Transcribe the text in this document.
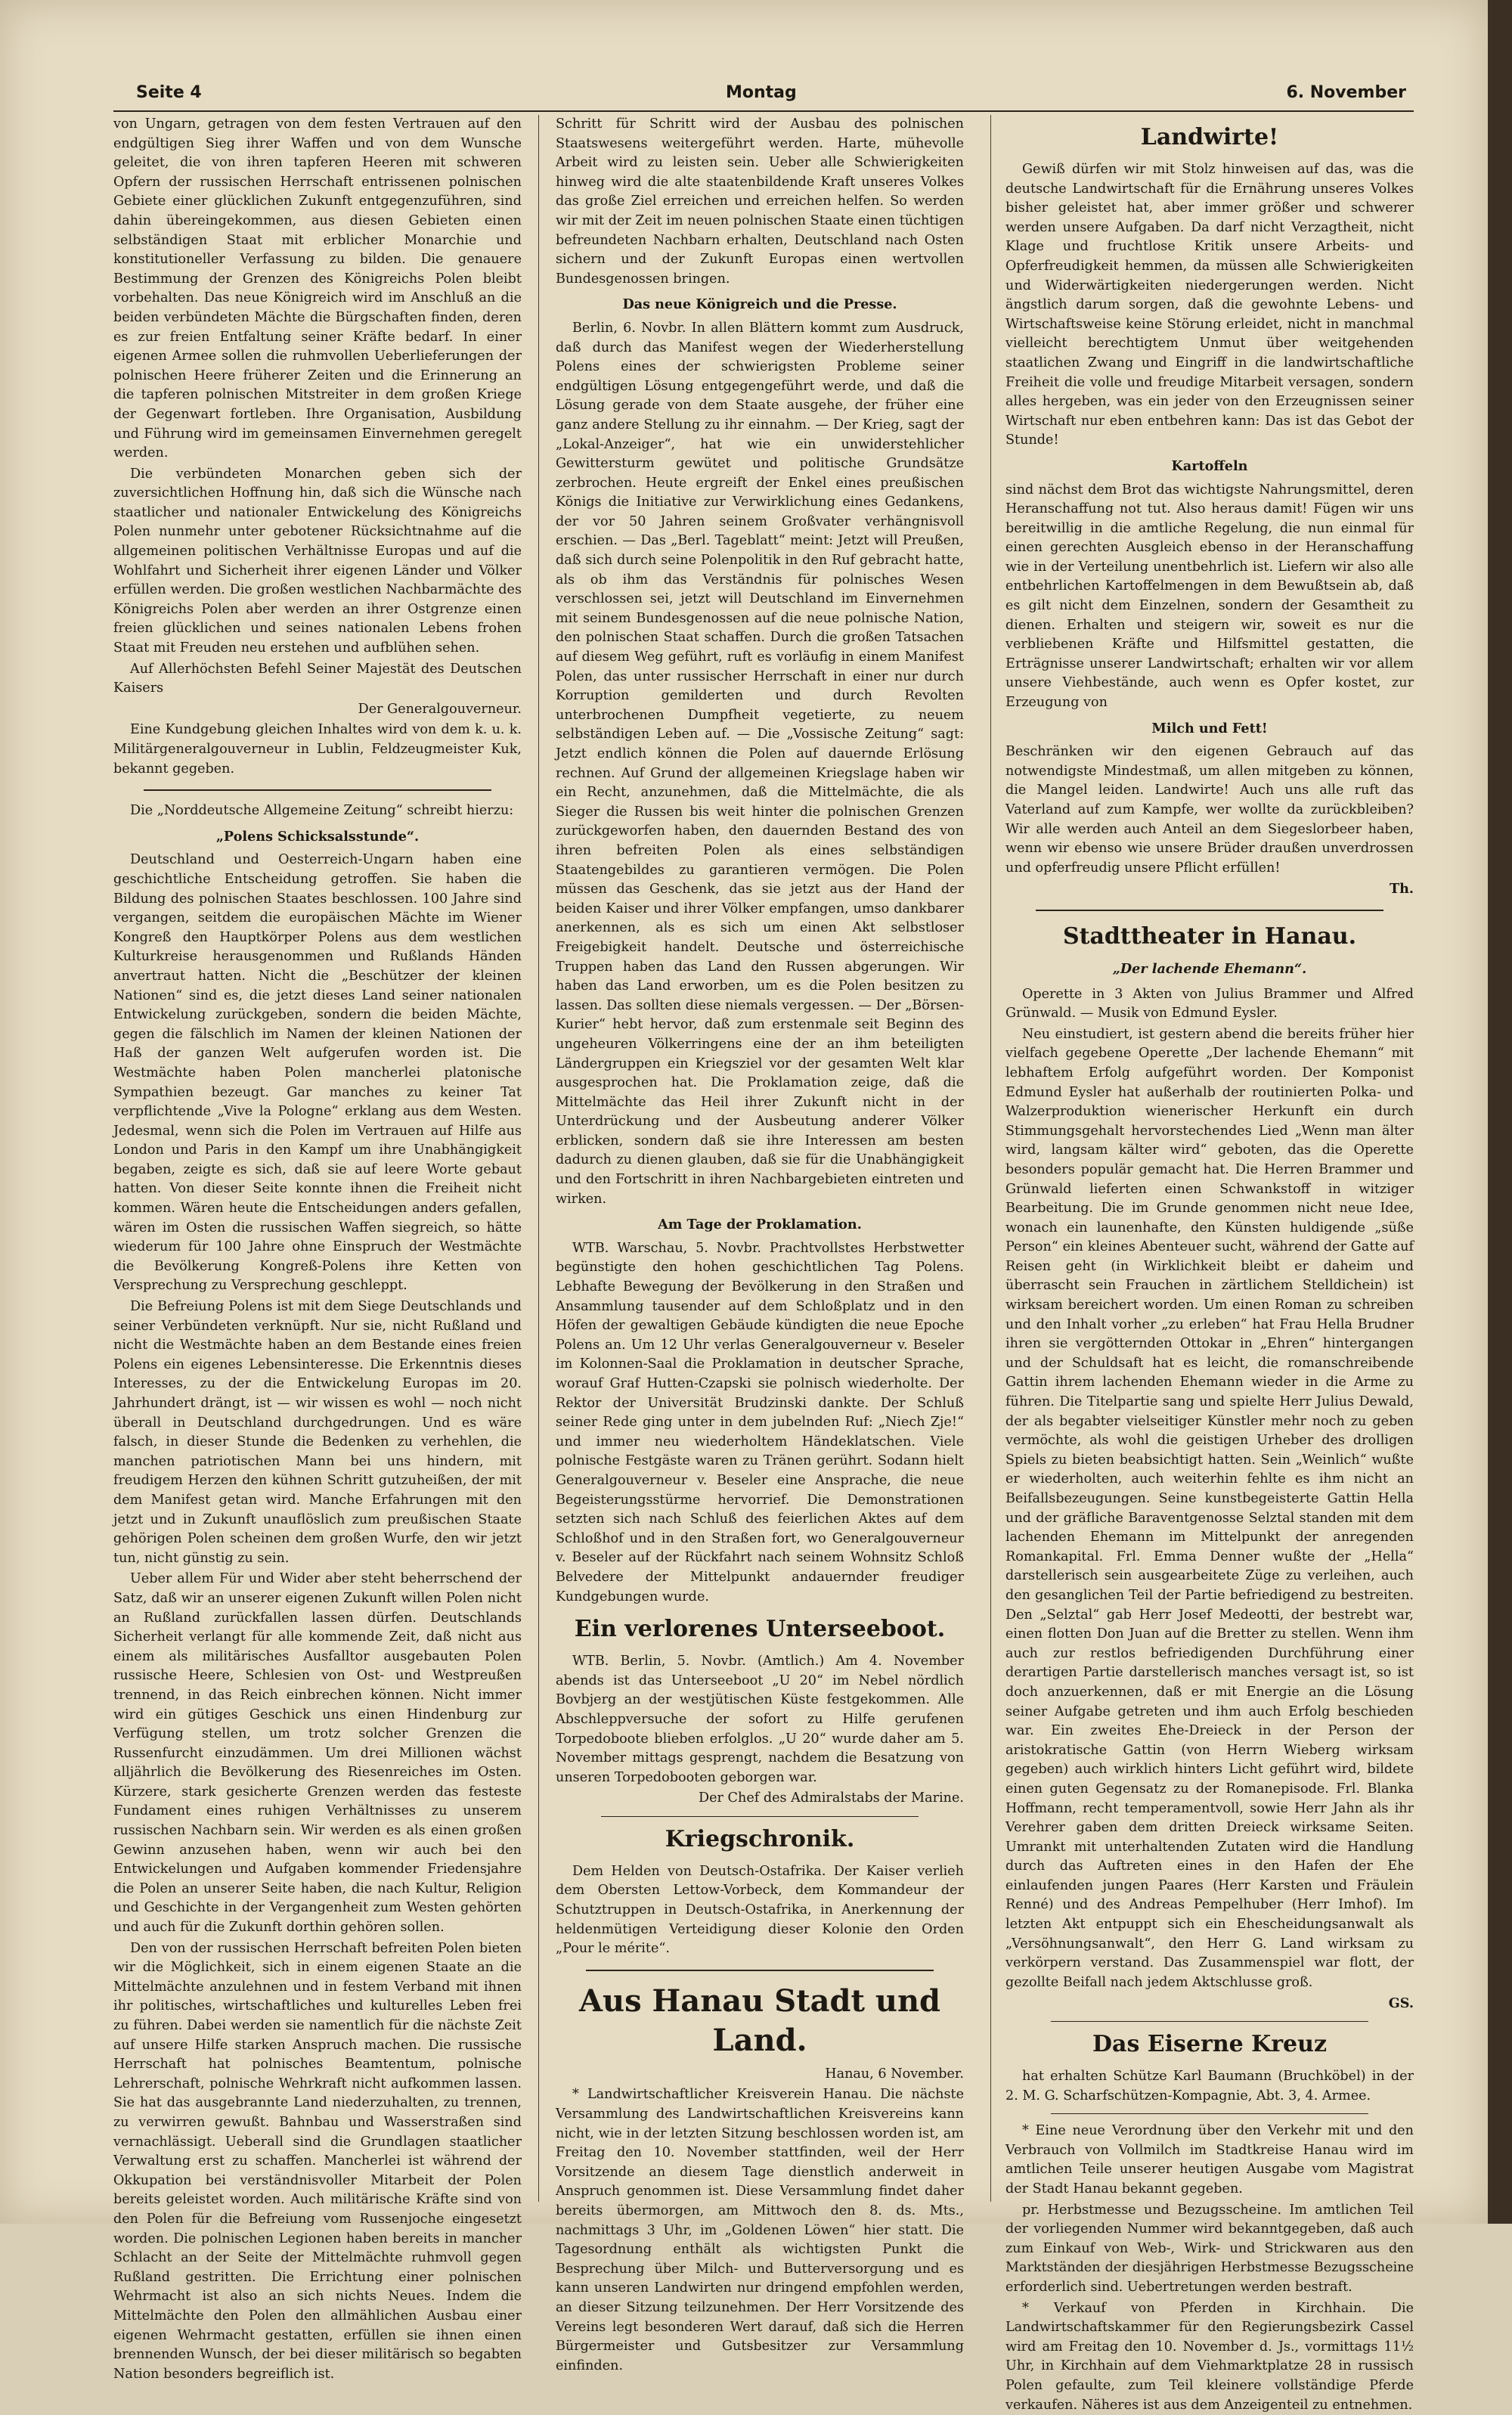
Seite 4	Montag	6. November

von Ungarn, getragen von dem festen Vertrauen auf den endgültigen Sieg ihrer Waffen und von dem Wunsche geleitet, die von ihren tapferen Heeren mit schweren Opfern der russischen Herrschaft entrissenen polnischen Gebiete einer glücklichen Zukunft entgegenzuführen, sind dahin übereingekommen, aus diesen Gebieten einen selbständigen Staat mit erblicher Monarchie und konstitutioneller Verfassung zu bilden. Die genauere Bestimmung der Grenzen des Königreichs Polen bleibt vorbehalten. Das neue Königreich wird im Anschluß an die beiden verbündeten Mächte die Bürgschaften finden, deren es zur freien Entfaltung seiner Kräfte bedarf. In einer eigenen Armee sollen die ruhmvollen Ueberlieferungen der polnischen Heere früherer Zeiten und die Erinnerung an die tapferen polnischen Mitstreiter in dem großen Kriege der Gegenwart fortleben. Ihre Organisation, Ausbildung und Führung wird im gemeinsamen Einvernehmen geregelt werden.

Die verbündeten Monarchen geben sich der zuversichtlichen Hoffnung hin, daß sich die Wünsche nach staatlicher und nationaler Entwickelung des Königreichs Polen nunmehr unter gebotener Rücksichtnahme auf die allgemeinen politischen Verhältnisse Europas und auf die Wohlfahrt und Sicherheit ihrer eigenen Länder und Völker erfüllen werden. Die großen westlichen Nachbarmächte des Königreichs Polen aber werden an ihrer Ostgrenze einen freien glücklichen und seines nationalen Lebens frohen Staat mit Freuden neu erstehen und aufblühen sehen.

Auf Allerhöchsten Befehl Seiner Majestät des Deutschen Kaisers

Der Generalgouverneur.

Eine Kundgebung gleichen Inhaltes wird von dem k. u. k. Militärgeneralgouverneur in Lublin, Feldzeugmeister Kuk, bekannt gegeben.

Die „Norddeutsche Allgemeine Zeitung“ schreibt hierzu:

„Polens Schicksalsstunde“.

Deutschland und Oesterreich-Ungarn haben eine geschichtliche Entscheidung getroffen. Sie haben die Bildung des polnischen Staates beschlossen. 100 Jahre sind vergangen, seitdem die europäischen Mächte im Wiener Kongreß den Hauptkörper Polens aus dem westlichen Kulturkreise herausgenommen und Rußlands Händen anvertraut hatten. Nicht die „Beschützer der kleinen Nationen“ sind es, die jetzt dieses Land seiner nationalen Entwickelung zurückgeben, sondern die beiden Mächte, gegen die fälschlich im Namen der kleinen Nationen der Haß der ganzen Welt aufgerufen worden ist. Die Westmächte haben Polen mancherlei platonische Sympathien bezeugt. Gar manches zu keiner Tat verpflichtende „Vive la Pologne“ erklang aus dem Westen. Jedesmal, wenn sich die Polen im Vertrauen auf Hilfe aus London und Paris in den Kampf um ihre Unabhängigkeit begaben, zeigte es sich, daß sie auf leere Worte gebaut hatten. Von dieser Seite konnte ihnen die Freiheit nicht kommen. Wären heute die Entscheidungen anders gefallen, wären im Osten die russischen Waffen siegreich, so hätte wiederum für 100 Jahre ohne Einspruch der Westmächte die Bevölkerung Kongreß-Polens ihre Ketten von Versprechung zu Versprechung geschleppt.

Die Befreiung Polens ist mit dem Siege Deutschlands und seiner Verbündeten verknüpft. Nur sie, nicht Rußland und nicht die Westmächte haben an dem Bestande eines freien Polens ein eigenes Lebensinteresse. Die Erkenntnis dieses Interesses, zu der die Entwickelung Europas im 20. Jahrhundert drängt, ist — wir wissen es wohl — noch nicht überall in Deutschland durchgedrungen. Und es wäre falsch, in dieser Stunde die Bedenken zu verhehlen, die manchen patriotischen Mann bei uns hindern, mit freudigem Herzen den kühnen Schritt gutzuheißen, der mit dem Manifest getan wird. Manche Erfahrungen mit den jetzt und in Zukunft unauflöslich zum preußischen Staate gehörigen Polen scheinen dem großen Wurfe, den wir jetzt tun, nicht günstig zu sein.

Ueber allem Für und Wider aber steht beherrschend der Satz, daß wir an unserer eigenen Zukunft willen Polen nicht an Rußland zurückfallen lassen dürfen. Deutschlands Sicherheit verlangt für alle kommende Zeit, daß nicht aus einem als militärisches Ausfalltor ausgebauten Polen russische Heere, Schlesien von Ost- und Westpreußen trennend, in das Reich einbrechen können. Nicht immer wird ein gütiges Geschick uns einen Hindenburg zur Verfügung stellen, um trotz solcher Grenzen die Russenfurcht einzudämmen. Um drei Millionen wächst alljährlich die Bevölkerung des Riesenreiches im Osten. Kürzere, stark gesicherte Grenzen werden das festeste Fundament eines ruhigen Verhältnisses zu unserem russischen Nachbarn sein. Wir werden es als einen großen Gewinn anzusehen haben, wenn wir auch bei den Entwickelungen und Aufgaben kommender Friedensjahre die Polen an unserer Seite haben, die nach Kultur, Religion und Geschichte in der Vergangenheit zum Westen gehörten und auch für die Zukunft dorthin gehören sollen.

Den von der russischen Herrschaft befreiten Polen bieten wir die Möglichkeit, sich in einem eigenen Staate an die Mittelmächte anzulehnen und in festem Verband mit ihnen ihr politisches, wirtschaftliches und kulturelles Leben frei zu führen. Dabei werden sie namentlich für die nächste Zeit auf unsere Hilfe starken Anspruch machen. Die russische Herrschaft hat polnisches Beamtentum, polnische Lehrerschaft, polnische Wehrkraft nicht aufkommen lassen. Sie hat das ausgebrannte Land niederzuhalten, zu trennen, zu verwirren gewußt. Bahnbau und Wasserstraßen sind vernachlässigt. Ueberall sind die Grundlagen staatlicher Verwaltung erst zu schaffen. Mancherlei ist während der Okkupation bei verständnisvoller Mitarbeit der Polen bereits geleistet worden. Auch militärische Kräfte sind von den Polen für die Befreiung vom Russenjoche eingesetzt worden. Die polnischen Legionen haben bereits in mancher Schlacht an der Seite der Mittelmächte ruhmvoll gegen Rußland gestritten. Die Errichtung einer polnischen Wehrmacht ist also an sich nichts Neues. Indem die Mittelmächte den Polen den allmählichen Ausbau einer eigenen Wehrmacht gestatten, erfüllen sie ihnen einen brennenden Wunsch, der bei dieser militärisch so begabten Nation besonders begreiflich ist.

Schritt für Schritt wird der Ausbau des polnischen Staatswesens weitergeführt werden. Harte, mühevolle Arbeit wird zu leisten sein. Ueber alle Schwierigkeiten hinweg wird die alte staatenbildende Kraft unseres Volkes das große Ziel erreichen und erreichen helfen. So werden wir mit der Zeit im neuen polnischen Staate einen tüchtigen befreundeten Nachbarn erhalten, Deutschland nach Osten sichern und der Zukunft Europas einen wertvollen Bundesgenossen bringen.

Das neue Königreich und die Presse.

Berlin, 6. Novbr. In allen Blättern kommt zum Ausdruck, daß durch das Manifest wegen der Wiederherstellung Polens eines der schwierigsten Probleme seiner endgültigen Lösung entgegengeführt werde, und daß die Lösung gerade von dem Staate ausgehe, der früher eine ganz andere Stellung zu ihr einnahm. — Der Krieg, sagt der „Lokal-Anzeiger“, hat wie ein unwiderstehlicher Gewittersturm gewütet und politische Grundsätze zerbrochen. Heute ergreift der Enkel eines preußischen Königs die Initiative zur Verwirklichung eines Gedankens, der vor 50 Jahren seinem Großvater verhängnisvoll erschien. — Das „Berl. Tageblatt“ meint: Jetzt will Preußen, daß sich durch seine Polenpolitik in den Ruf gebracht hatte, als ob ihm das Verständnis für polnisches Wesen verschlossen sei, jetzt will Deutschland im Einvernehmen mit seinem Bundesgenossen auf die neue polnische Nation, den polnischen Staat schaffen. Durch die großen Tatsachen auf diesem Weg geführt, ruft es vorläufig in einem Manifest Polen, das unter russischer Herrschaft in einer nur durch Korruption gemilderten und durch Revolten unterbrochenen Dumpfheit vegetierte, zu neuem selbständigen Leben auf. — Die „Vossische Zeitung“ sagt: Jetzt endlich können die Polen auf dauernde Erlösung rechnen. Auf Grund der allgemeinen Kriegslage haben wir ein Recht, anzunehmen, daß die Mittelmächte, die als Sieger die Russen bis weit hinter die polnischen Grenzen zurückgeworfen haben, den dauernden Bestand des von ihren befreiten Polen als eines selbständigen Staatengebildes zu garantieren vermögen. Die Polen müssen das Geschenk, das sie jetzt aus der Hand der beiden Kaiser und ihrer Völker empfangen, umso dankbarer anerkennen, als es sich um einen Akt selbstloser Freigebigkeit handelt. Deutsche und österreichische Truppen haben das Land den Russen abgerungen. Wir haben das Land erworben, um es die Polen besitzen zu lassen. Das sollten diese niemals vergessen. — Der „Börsen-Kurier“ hebt hervor, daß zum erstenmale seit Beginn des ungeheuren Völkerringens eine der an ihm beteiligten Ländergruppen ein Kriegsziel vor der gesamten Welt klar ausgesprochen hat. Die Proklamation zeige, daß die Mittelmächte das Heil ihrer Zukunft nicht in der Unterdrückung und der Ausbeutung anderer Völker erblicken, sondern daß sie ihre Interessen am besten dadurch zu dienen glauben, daß sie für die Unabhängigkeit und den Fortschritt in ihren Nachbargebieten eintreten und wirken.

Am Tage der Proklamation.

WTB. Warschau, 5. Novbr. Prachtvollstes Herbstwetter begünstigte den hohen geschichtlichen Tag Polens. Lebhafte Bewegung der Bevölkerung in den Straßen und Ansammlung tausender auf dem Schloßplatz und in den Höfen der gewaltigen Gebäude kündigten die neue Epoche Polens an. Um 12 Uhr verlas Generalgouverneur v. Beseler im Kolonnen-Saal die Proklamation in deutscher Sprache, worauf Graf Hutten-Czapski sie polnisch wiederholte. Der Rektor der Universität Brudzinski dankte. Der Schluß seiner Rede ging unter in dem jubelnden Ruf: „Niech Zje!“ und immer neu wiederholtem Händeklatschen. Viele polnische Festgäste waren zu Tränen gerührt. Sodann hielt Generalgouverneur v. Beseler eine Ansprache, die neue Begeisterungsstürme hervorrief. Die Demonstrationen setzten sich nach Schluß des feierlichen Aktes auf dem Schloßhof und in den Straßen fort, wo Generalgouverneur v. Beseler auf der Rückfahrt nach seinem Wohnsitz Schloß Belvedere der Mittelpunkt andauernder freudiger Kundgebungen wurde.

Ein verlorenes Unterseeboot.

WTB. Berlin, 5. Novbr. (Amtlich.) Am 4. November abends ist das Unterseeboot „U 20“ im Nebel nördlich Bovbjerg an der westjütischen Küste festgekommen. Alle Abschleppversuche der sofort zu Hilfe gerufenen Torpedoboote blieben erfolglos. „U 20“ wurde daher am 5. November mittags gesprengt, nachdem die Besatzung von unseren Torpedobooten geborgen war.

Der Chef des Admiralstabs der Marine.

Kriegschronik.

Dem Helden von Deutsch-Ostafrika. Der Kaiser verlieh dem Obersten Lettow-Vorbeck, dem Kommandeur der Schutztruppen in Deutsch-Ostafrika, in Anerkennung der heldenmütigen Verteidigung dieser Kolonie den Orden „Pour le mérite“.

Aus Hanau Stadt und Land.

Hanau, 6 November.

* Landwirtschaftlicher Kreisverein Hanau. Die nächste Versammlung des Landwirtschaftlichen Kreisvereins kann nicht, wie in der letzten Sitzung beschlossen worden ist, am Freitag den 10. November stattfinden, weil der Herr Vorsitzende an diesem Tage dienstlich anderweit in Anspruch genommen ist. Diese Versammlung findet daher bereits übermorgen, am Mittwoch den 8. ds. Mts., nachmittags 3 Uhr, im „Goldenen Löwen“ hier statt. Die Tagesordnung enthält als wichtigsten Punkt die Besprechung über Milch- und Butterversorgung und es kann unseren Landwirten nur dringend empfohlen werden, an dieser Sitzung teilzunehmen. Der Herr Vorsitzende des Vereins legt besonderen Wert darauf, daß sich die Herren Bürgermeister und Gutsbesitzer zur Versammlung einfinden.

Landwirte!

Gewiß dürfen wir mit Stolz hinweisen auf das, was die deutsche Landwirtschaft für die Ernährung unseres Volkes bisher geleistet hat, aber immer größer und schwerer werden unsere Aufgaben. Da darf nicht Verzagtheit, nicht Klage und fruchtlose Kritik unsere Arbeits- und Opferfreudigkeit hemmen, da müssen alle Schwierigkeiten und Widerwärtigkeiten niedergerungen werden. Nicht ängstlich darum sorgen, daß die gewohnte Lebens- und Wirtschaftsweise keine Störung erleidet, nicht in manchmal vielleicht berechtigtem Unmut über weitgehenden staatlichen Zwang und Eingriff in die landwirtschaftliche Freiheit die volle und freudige Mitarbeit versagen, sondern alles hergeben, was ein jeder von den Erzeugnissen seiner Wirtschaft nur eben entbehren kann: Das ist das Gebot der Stunde!

Kartoffeln

sind nächst dem Brot das wichtigste Nahrungsmittel, deren Heranschaffung not tut. Also heraus damit! Fügen wir uns bereitwillig in die amtliche Regelung, die nun einmal für einen gerechten Ausgleich ebenso in der Heranschaffung wie in der Verteilung unentbehrlich ist. Liefern wir also alle entbehrlichen Kartoffelmengen in dem Bewußtsein ab, daß es gilt nicht dem Einzelnen, sondern der Gesamtheit zu dienen. Erhalten und steigern wir, soweit es nur die verbliebenen Kräfte und Hilfsmittel gestatten, die Erträgnisse unserer Landwirtschaft; erhalten wir vor allem unsere Viehbestände, auch wenn es Opfer kostet, zur Erzeugung von

Milch und Fett!

Beschränken wir den eigenen Gebrauch auf das notwendigste Mindestmaß, um allen mitgeben zu können, die Mangel leiden. Landwirte! Auch uns alle ruft das Vaterland auf zum Kampfe, wer wollte da zurückbleiben? Wir alle werden auch Anteil an dem Siegeslorbeer haben, wenn wir ebenso wie unsere Brüder draußen unverdrossen und opferfreudig unsere Pflicht erfüllen!

Th.

Stadttheater in Hanau.
„Der lachende Ehemann“.

Operette in 3 Akten von Julius Brammer und Alfred Grünwald. — Musik von Edmund Eysler.

Neu einstudiert, ist gestern abend die bereits früher hier vielfach gegebene Operette „Der lachende Ehemann“ mit lebhaftem Erfolg aufgeführt worden. Der Komponist Edmund Eysler hat außerhalb der routinierten Polka- und Walzerproduktion wienerischer Herkunft ein durch Stimmungsgehalt hervorstechendes Lied „Wenn man älter wird, langsam kälter wird“ geboten, das die Operette besonders populär gemacht hat. Die Herren Brammer und Grünwald lieferten einen Schwankstoff in witziger Bearbeitung. Die im Grunde genommen nicht neue Idee, wonach ein launenhafte, den Künsten huldigende „süße Person“ ein kleines Abenteuer sucht, während der Gatte auf Reisen geht (in Wirklichkeit bleibt er daheim und überrascht sein Frauchen in zärtlichem Stelldichein) ist wirksam bereichert worden. Um einen Roman zu schreiben und den Inhalt vorher „zu erleben“ hat Frau Hella Brudner ihren sie vergötternden Ottokar in „Ehren“ hintergangen und der Schuldsaft hat es leicht, die romanschreibende Gattin ihrem lachenden Ehemann wieder in die Arme zu führen. Die Titelpartie sang und spielte Herr Julius Dewald, der als begabter vielseitiger Künstler mehr noch zu geben vermöchte, als wohl die geistigen Urheber des drolligen Spiels zu bieten beabsichtigt hatten. Sein „Weinlich“ wußte er wiederholten, auch weiterhin fehlte es ihm nicht an Beifallsbezeugungen. Seine kunstbegeisterte Gattin Hella und der gräfliche Baraventgenosse Selztal standen mit dem lachenden Ehemann im Mittelpunkt der anregenden Romankapital. Frl. Emma Denner wußte der „Hella“ darstellerisch sein ausgearbeitete Züge zu verleihen, auch den gesanglichen Teil der Partie befriedigend zu bestreiten. Den „Selztal“ gab Herr Josef Medeotti, der bestrebt war, einen flotten Don Juan auf die Bretter zu stellen. Wenn ihm auch zur restlos befriedigenden Durchführung einer derartigen Partie darstellerisch manches versagt ist, so ist doch anzuerkennen, daß er mit Energie an die Lösung seiner Aufgabe getreten und ihm auch Erfolg beschieden war. Ein zweites Ehe-Dreieck in der Person der aristokratische Gattin (von Herrn Wieberg wirksam gegeben) auch wirklich hinters Licht geführt wird, bildete einen guten Gegensatz zu der Romanepisode. Frl. Blanka Hoffmann, recht temperamentvoll, sowie Herr Jahn als ihr Verehrer gaben dem dritten Dreieck wirksame Seiten. Umrankt mit unterhaltenden Zutaten wird die Handlung durch das Auftreten eines in den Hafen der Ehe einlaufenden jungen Paares (Herr Karsten und Fräulein Renné) und des Andreas Pempelhuber (Herr Imhof). Im letzten Akt entpuppt sich ein Ehescheidungsanwalt als „Versöhnungsanwalt“, den Herr G. Land wirksam zu verkörpern verstand. Das Zusammenspiel war flott, der gezollte Beifall nach jedem Aktschlusse groß.

GS.

Das Eiserne Kreuz

hat erhalten Schütze Karl Baumann (Bruchköbel) in der 2. M. G. Scharfschützen-Kompagnie, Abt. 3, 4. Armee.

* Eine neue Verordnung über den Verkehr mit und den Verbrauch von Vollmilch im Stadtkreise Hanau wird im amtlichen Teile unserer heutigen Ausgabe vom Magistrat der Stadt Hanau bekannt gegeben.

pr. Herbstmesse und Bezugsscheine. Im amtlichen Teil der vorliegenden Nummer wird bekanntgegeben, daß auch zum Einkauf von Web-, Wirk- und Strickwaren aus den Marktständen der diesjährigen Herbstmesse Bezugsscheine erforderlich sind. Uebertretungen werden bestraft.

* Verkauf von Pferden in Kirchhain. Die Landwirtschaftskammer für den Regierungsbezirk Cassel wird am Freitag den 10. November d. Js., vormittags 11½ Uhr, in Kirchhain auf dem Viehmarktplatze 28 in russisch Polen gefaulte, zum Teil kleinere vollständige Pferde verkaufen. Näheres ist aus dem Anzeigenteil zu entnehmen.
